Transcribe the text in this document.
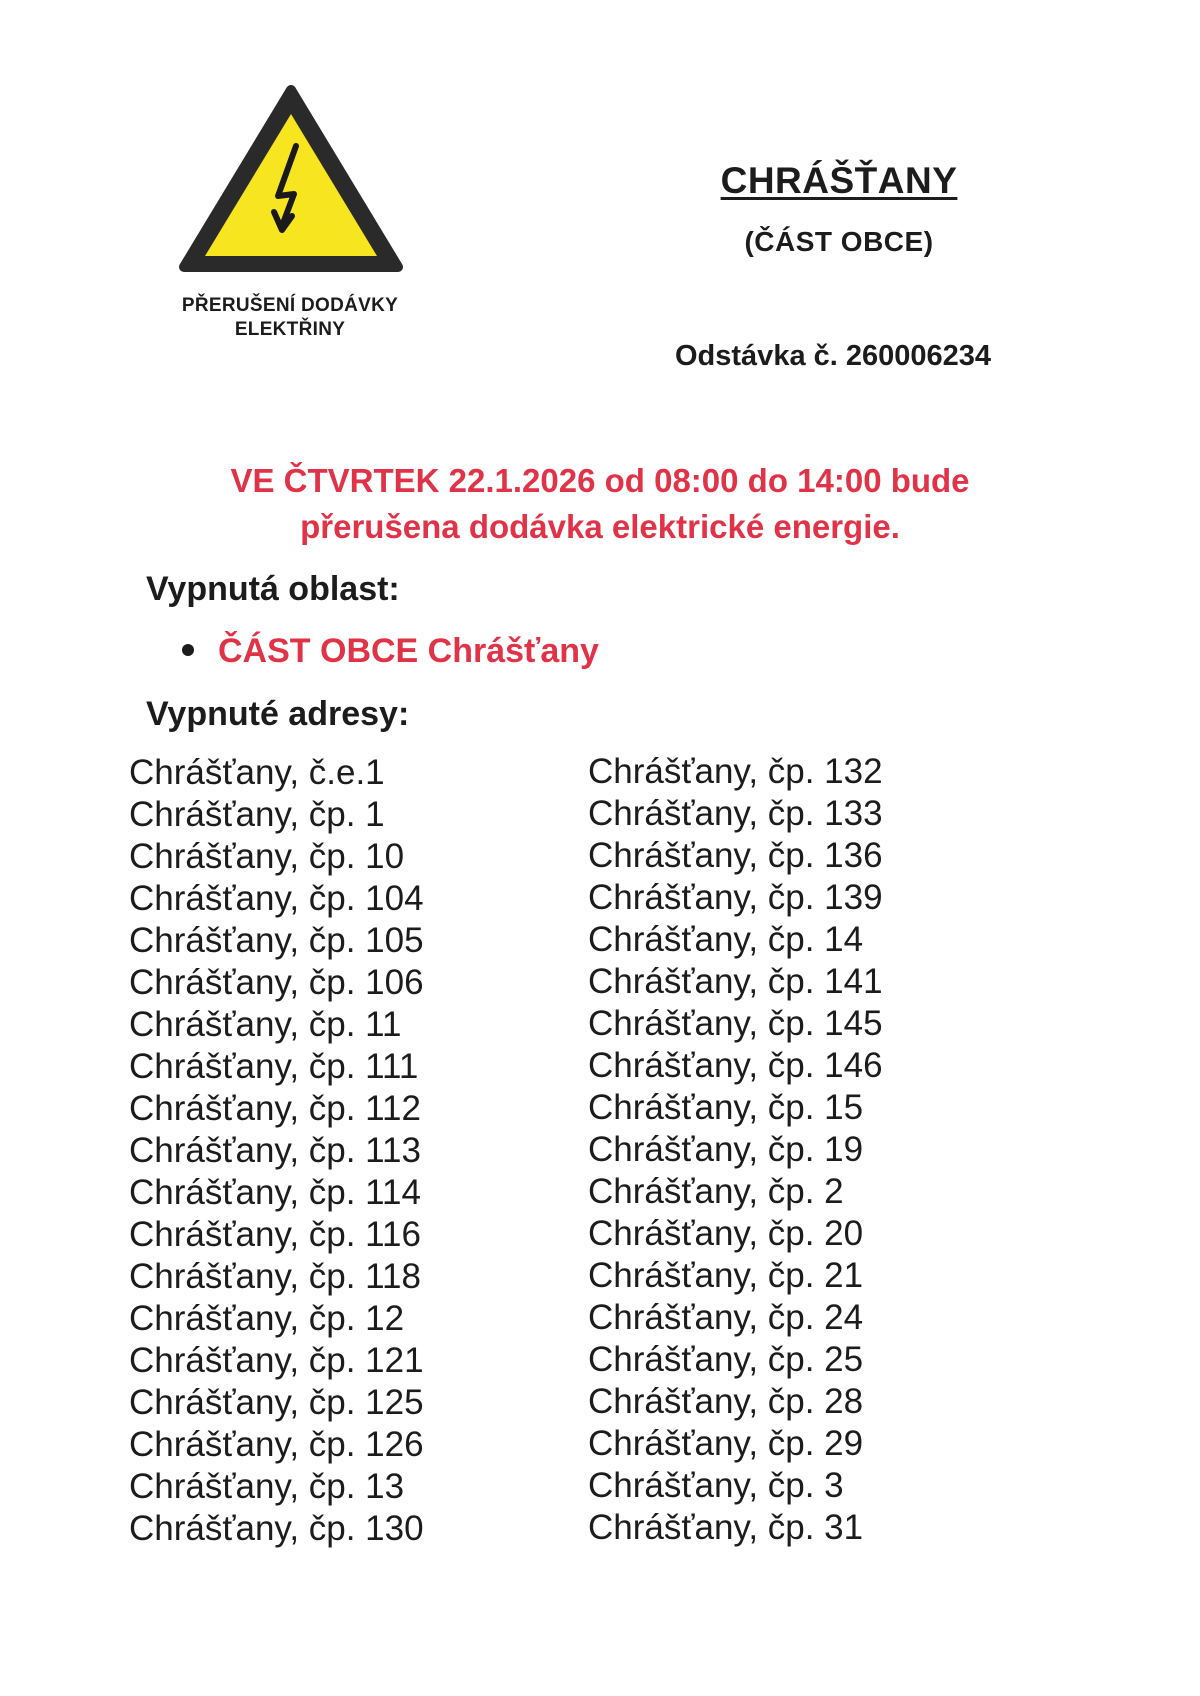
PŘERUŠENÍ DODÁVKY
ELEKTŘINY
CHRÁŠŤANY
(ČÁST OBCE)
Odstávka č. 260006234
VE ČTVRTEK 22.1.2026 od 08:00 do 14:00 bude
přerušena dodávka elektrické energie.
Vypnutá oblast:
ČÁST OBCE Chrášťany
Vypnuté adresy:
Chrášťany, č.e.1
Chrášťany, čp. 1
Chrášťany, čp. 10
Chrášťany, čp. 104
Chrášťany, čp. 105
Chrášťany, čp. 106
Chrášťany, čp. 11
Chrášťany, čp. 111
Chrášťany, čp. 112
Chrášťany, čp. 113
Chrášťany, čp. 114
Chrášťany, čp. 116
Chrášťany, čp. 118
Chrášťany, čp. 12
Chrášťany, čp. 121
Chrášťany, čp. 125
Chrášťany, čp. 126
Chrášťany, čp. 13
Chrášťany, čp. 130
Chrášťany, čp. 132
Chrášťany, čp. 133
Chrášťany, čp. 136
Chrášťany, čp. 139
Chrášťany, čp. 14
Chrášťany, čp. 141
Chrášťany, čp. 145
Chrášťany, čp. 146
Chrášťany, čp. 15
Chrášťany, čp. 19
Chrášťany, čp. 2
Chrášťany, čp. 20
Chrášťany, čp. 21
Chrášťany, čp. 24
Chrášťany, čp. 25
Chrášťany, čp. 28
Chrášťany, čp. 29
Chrášťany, čp. 3
Chrášťany, čp. 31
